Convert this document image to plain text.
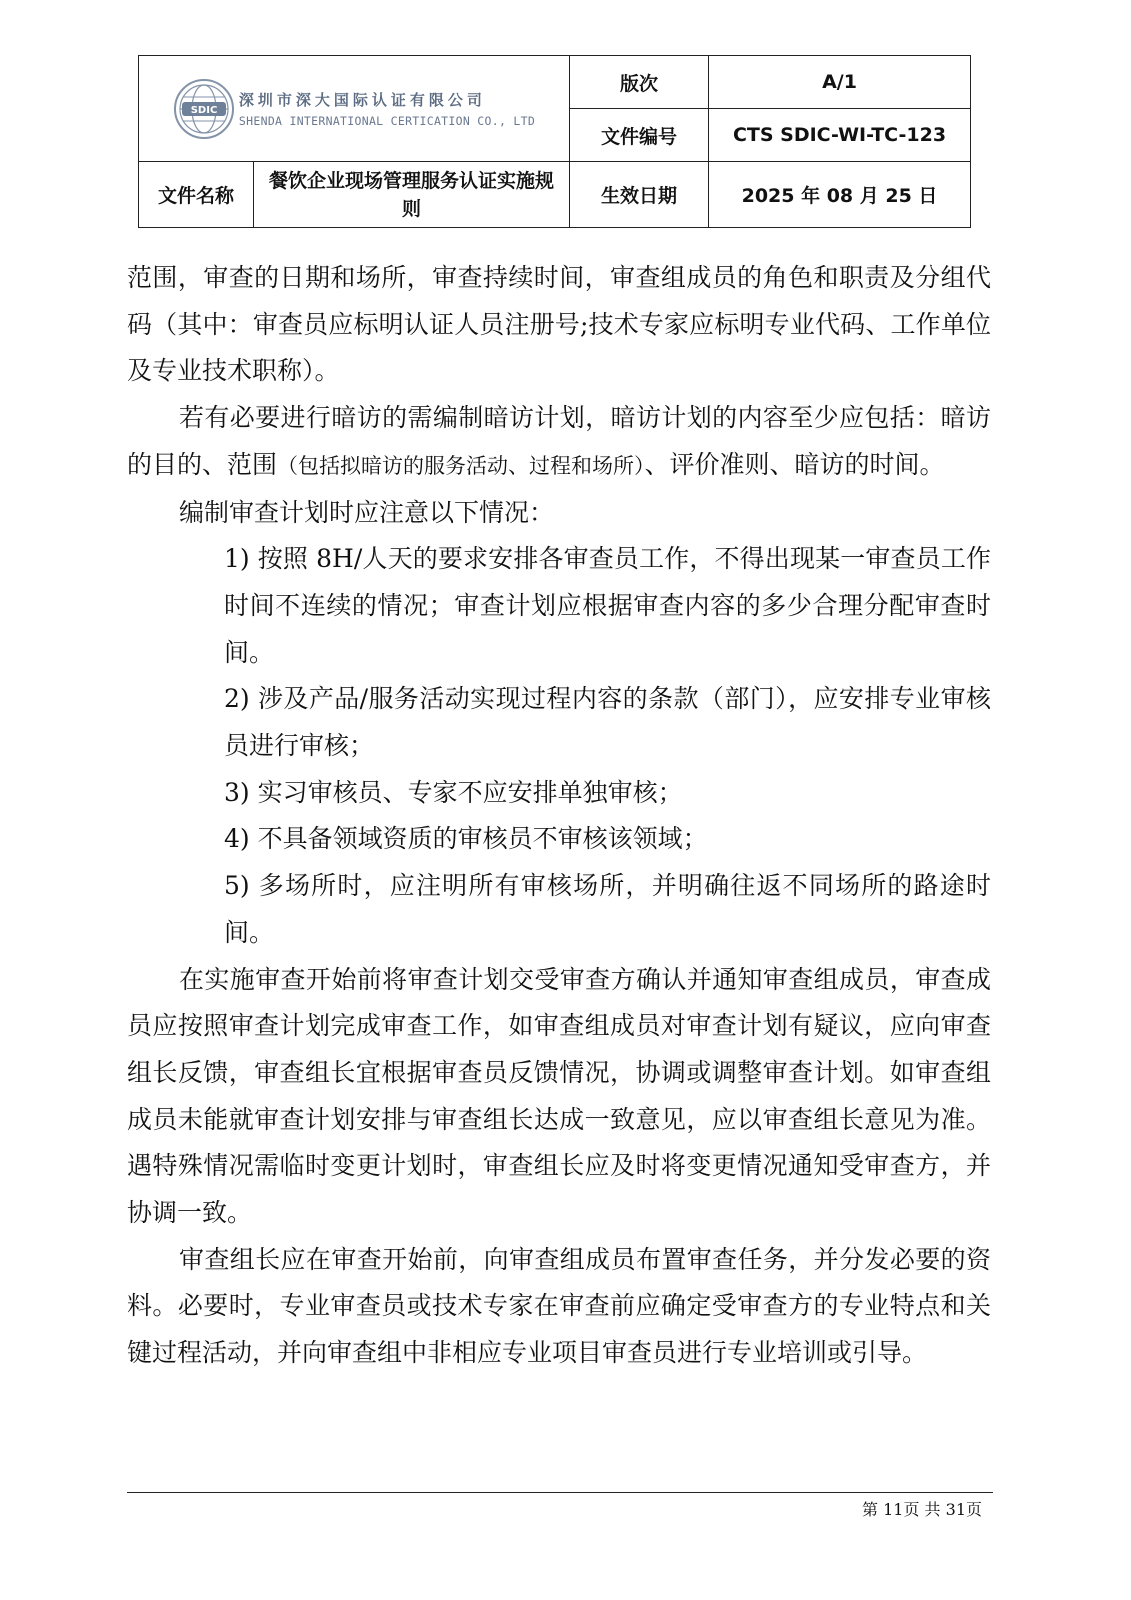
SDIC
深圳市深大国际认证有限公司
SHENDA INTERNATIONAL CERTICATION CO., LTD		版次	A/1
		文件编号	CTS SDIC-WI-TC-123
文件名称	餐饮企业现场管理服务认证实施规则	生效日期	2025 年 08 月 25 日

范围，审查的日期和场所，审查持续时间，审查组成员的角色和职责及分组代码（其中：审查员应标明认证人员注册号;技术专家应标明专业代码、工作单位及专业技术职称）。

若有必要进行暗访的需编制暗访计划，暗访计划的内容至少应包括：暗访的目的、范围（包括拟暗访的服务活动、过程和场所）、评价准则、暗访的时间。

编制审查计划时应注意以下情况：

1) 按照 8H/人天的要求安排各审查员工作，不得出现某一审查员工作时间不连续的情况；审查计划应根据审查内容的多少合理分配审查时间。

2) 涉及产品/服务活动实现过程内容的条款（部门），应安排专业审核员进行审核；

3) 实习审核员、专家不应安排单独审核；

4) 不具备领域资质的审核员不审核该领域；

5) 多场所时，应注明所有审核场所，并明确往返不同场所的路途时间。

在实施审查开始前将审查计划交受审查方确认并通知审查组成员，审查成员应按照审查计划完成审查工作，如审查组成员对审查计划有疑议，应向审查组长反馈，审查组长宜根据审查员反馈情况，协调或调整审查计划。如审查组成员未能就审查计划安排与审查组长达成一致意见，应以审查组长意见为准。遇特殊情况需临时变更计划时，审查组长应及时将变更情况通知受审查方，并协调一致。

审查组长应在审查开始前，向审查组成员布置审查任务，并分发必要的资料。必要时，专业审查员或技术专家在审查前应确定受审查方的专业特点和关键过程活动，并向审查组中非相应专业项目审查员进行专业培训或引导。

第 11页 共 31页
